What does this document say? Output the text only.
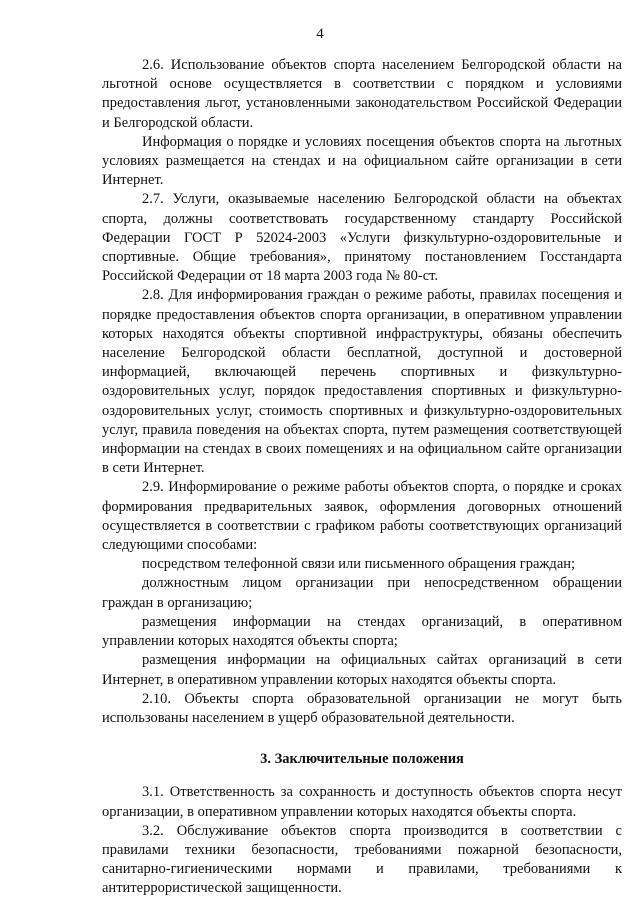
4

2.6. Использование объектов спорта населением Белгородской области на льготной основе осуществляется в соответствии с порядком и условиями предоставления льгот, установленными законодательством Российской Федерации и Белгородской области.

Информация о порядке и условиях посещения объектов спорта на льготных условиях размещается на стендах и на официальном сайте организации в сети Интернет.

2.7. Услуги, оказываемые населению Белгородской области на объектах спорта, должны соответствовать государственному стандарту Российской Федерации ГОСТ Р 52024-2003 «Услуги физкультурно-оздоровительные и спортивные. Общие требования», принятому постановлением Госстандарта Российской Федерации от 18 марта 2003 года № 80-ст.

2.8. Для информирования граждан о режиме работы, правилах посещения и порядке предоставления объектов спорта организации, в оперативном управлении которых находятся объекты спортивной инфраструктуры, обязаны обеспечить население Белгородской области бесплатной, доступной и достоверной информацией, включающей перечень спортивных и физкультурно-оздоровительных услуг, порядок предоставления спортивных и физкультурно-оздоровительных услуг, стоимость спортивных и физкультурно-оздоровительных услуг, правила поведения на объектах спорта, путем размещения соответствующей информации на стендах в своих помещениях и на официальном сайте организации в сети Интернет.

2.9. Информирование о режиме работы объектов спорта, о порядке и сроках формирования предварительных заявок, оформления договорных отношений осуществляется в соответствии с графиком работы соответствующих организаций следующими способами:

посредством телефонной связи или письменного обращения граждан;

должностным лицом организации при непосредственном обращении граждан в организацию;

размещения информации на стендах организаций, в оперативном управлении которых находятся объекты спорта;

размещения информации на официальных сайтах организаций в сети Интернет, в оперативном управлении которых находятся объекты спорта.

2.10. Объекты спорта образовательной организации не могут быть использованы населением в ущерб образовательной деятельности.

3. Заключительные положения

3.1. Ответственность за сохранность и доступность объектов спорта несут организации, в оперативном управлении которых находятся объекты спорта.

3.2. Обслуживание объектов спорта производится в соответствии с правилами техники безопасности, требованиями пожарной безопасности, санитарно-гигиеническими нормами и правилами, требованиями к антитеррористической защищенности.
